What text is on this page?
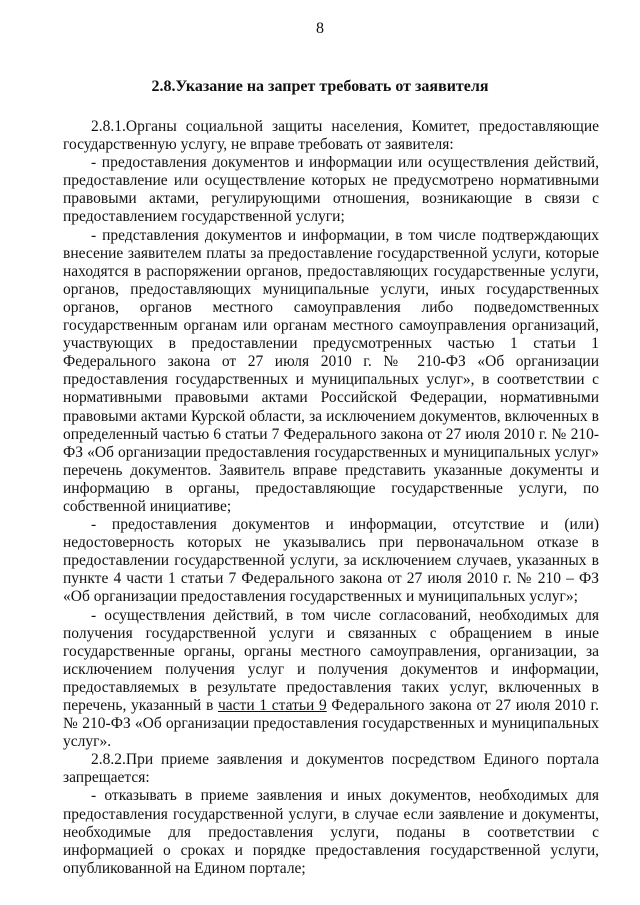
8
2.8.Указание на запрет требовать от заявителя

2.8.1.Органы социальной защиты населения, Комитет, предоставляющие государственную услугу, не вправе требовать от заявителя:

- предоставления документов и информации или осуществления действий, предоставление или осуществление которых не предусмотрено нормативными правовыми актами, регулирующими отношения, возникающие в связи с предоставлением государственной услуги;

- представления документов и информации, в том числе подтверждающих внесение заявителем платы за предоставление государственной услуги, которые находятся в распоряжении органов, предоставляющих государственные услуги, органов, предоставляющих муниципальные услуги, иных государственных органов, органов местного самоуправления либо подведомственных государственным органам или органам местного самоуправления организаций, участвующих в предоставлении предусмотренных частью 1 статьи 1 Федерального закона от 27 июля 2010 г. № 210-ФЗ «Об организации предоставления государственных и муниципальных услуг», в соответствии с нормативными правовыми актами Российской Федерации, нормативными правовыми актами Курской области, за исключением документов, включенных в определенный частью 6 статьи 7 Федерального закона от 27 июля 2010 г. № 210-ФЗ «Об организации предоставления государственных и муниципальных услуг» перечень документов. Заявитель вправе представить указанные документы и информацию в органы, предоставляющие государственные услуги, по собственной инициативе;

- предоставления документов и информации, отсутствие и (или) недостоверность которых не указывались при первоначальном отказе в предоставлении государственной услуги, за исключением случаев, указанных в пункте 4 части 1 статьи 7 Федерального закона от 27 июля 2010 г. № 210 – ФЗ «Об организации предоставления государственных и муниципальных услуг»;

- осуществления действий, в том числе согласований, необходимых для получения государственной услуги и связанных с обращением в иные государственные органы, органы местного самоуправления, организации, за исключением получения услуг и получения документов и информации, предоставляемых в результате предоставления таких услуг, включенных в перечень, указанный в части 1 статьи 9 Федерального закона от 27 июля 2010 г. № 210-ФЗ «Об организации предоставления государственных и муниципальных услуг».

2.8.2.При приеме заявления и документов посредством Единого портала запрещается:

- отказывать в приеме заявления и иных документов, необходимых для предоставления государственной услуги, в случае если заявление и документы, необходимые для предоставления услуги, поданы в соответствии с информацией о сроках и порядке предоставления государственной услуги, опубликованной на Едином портале;
